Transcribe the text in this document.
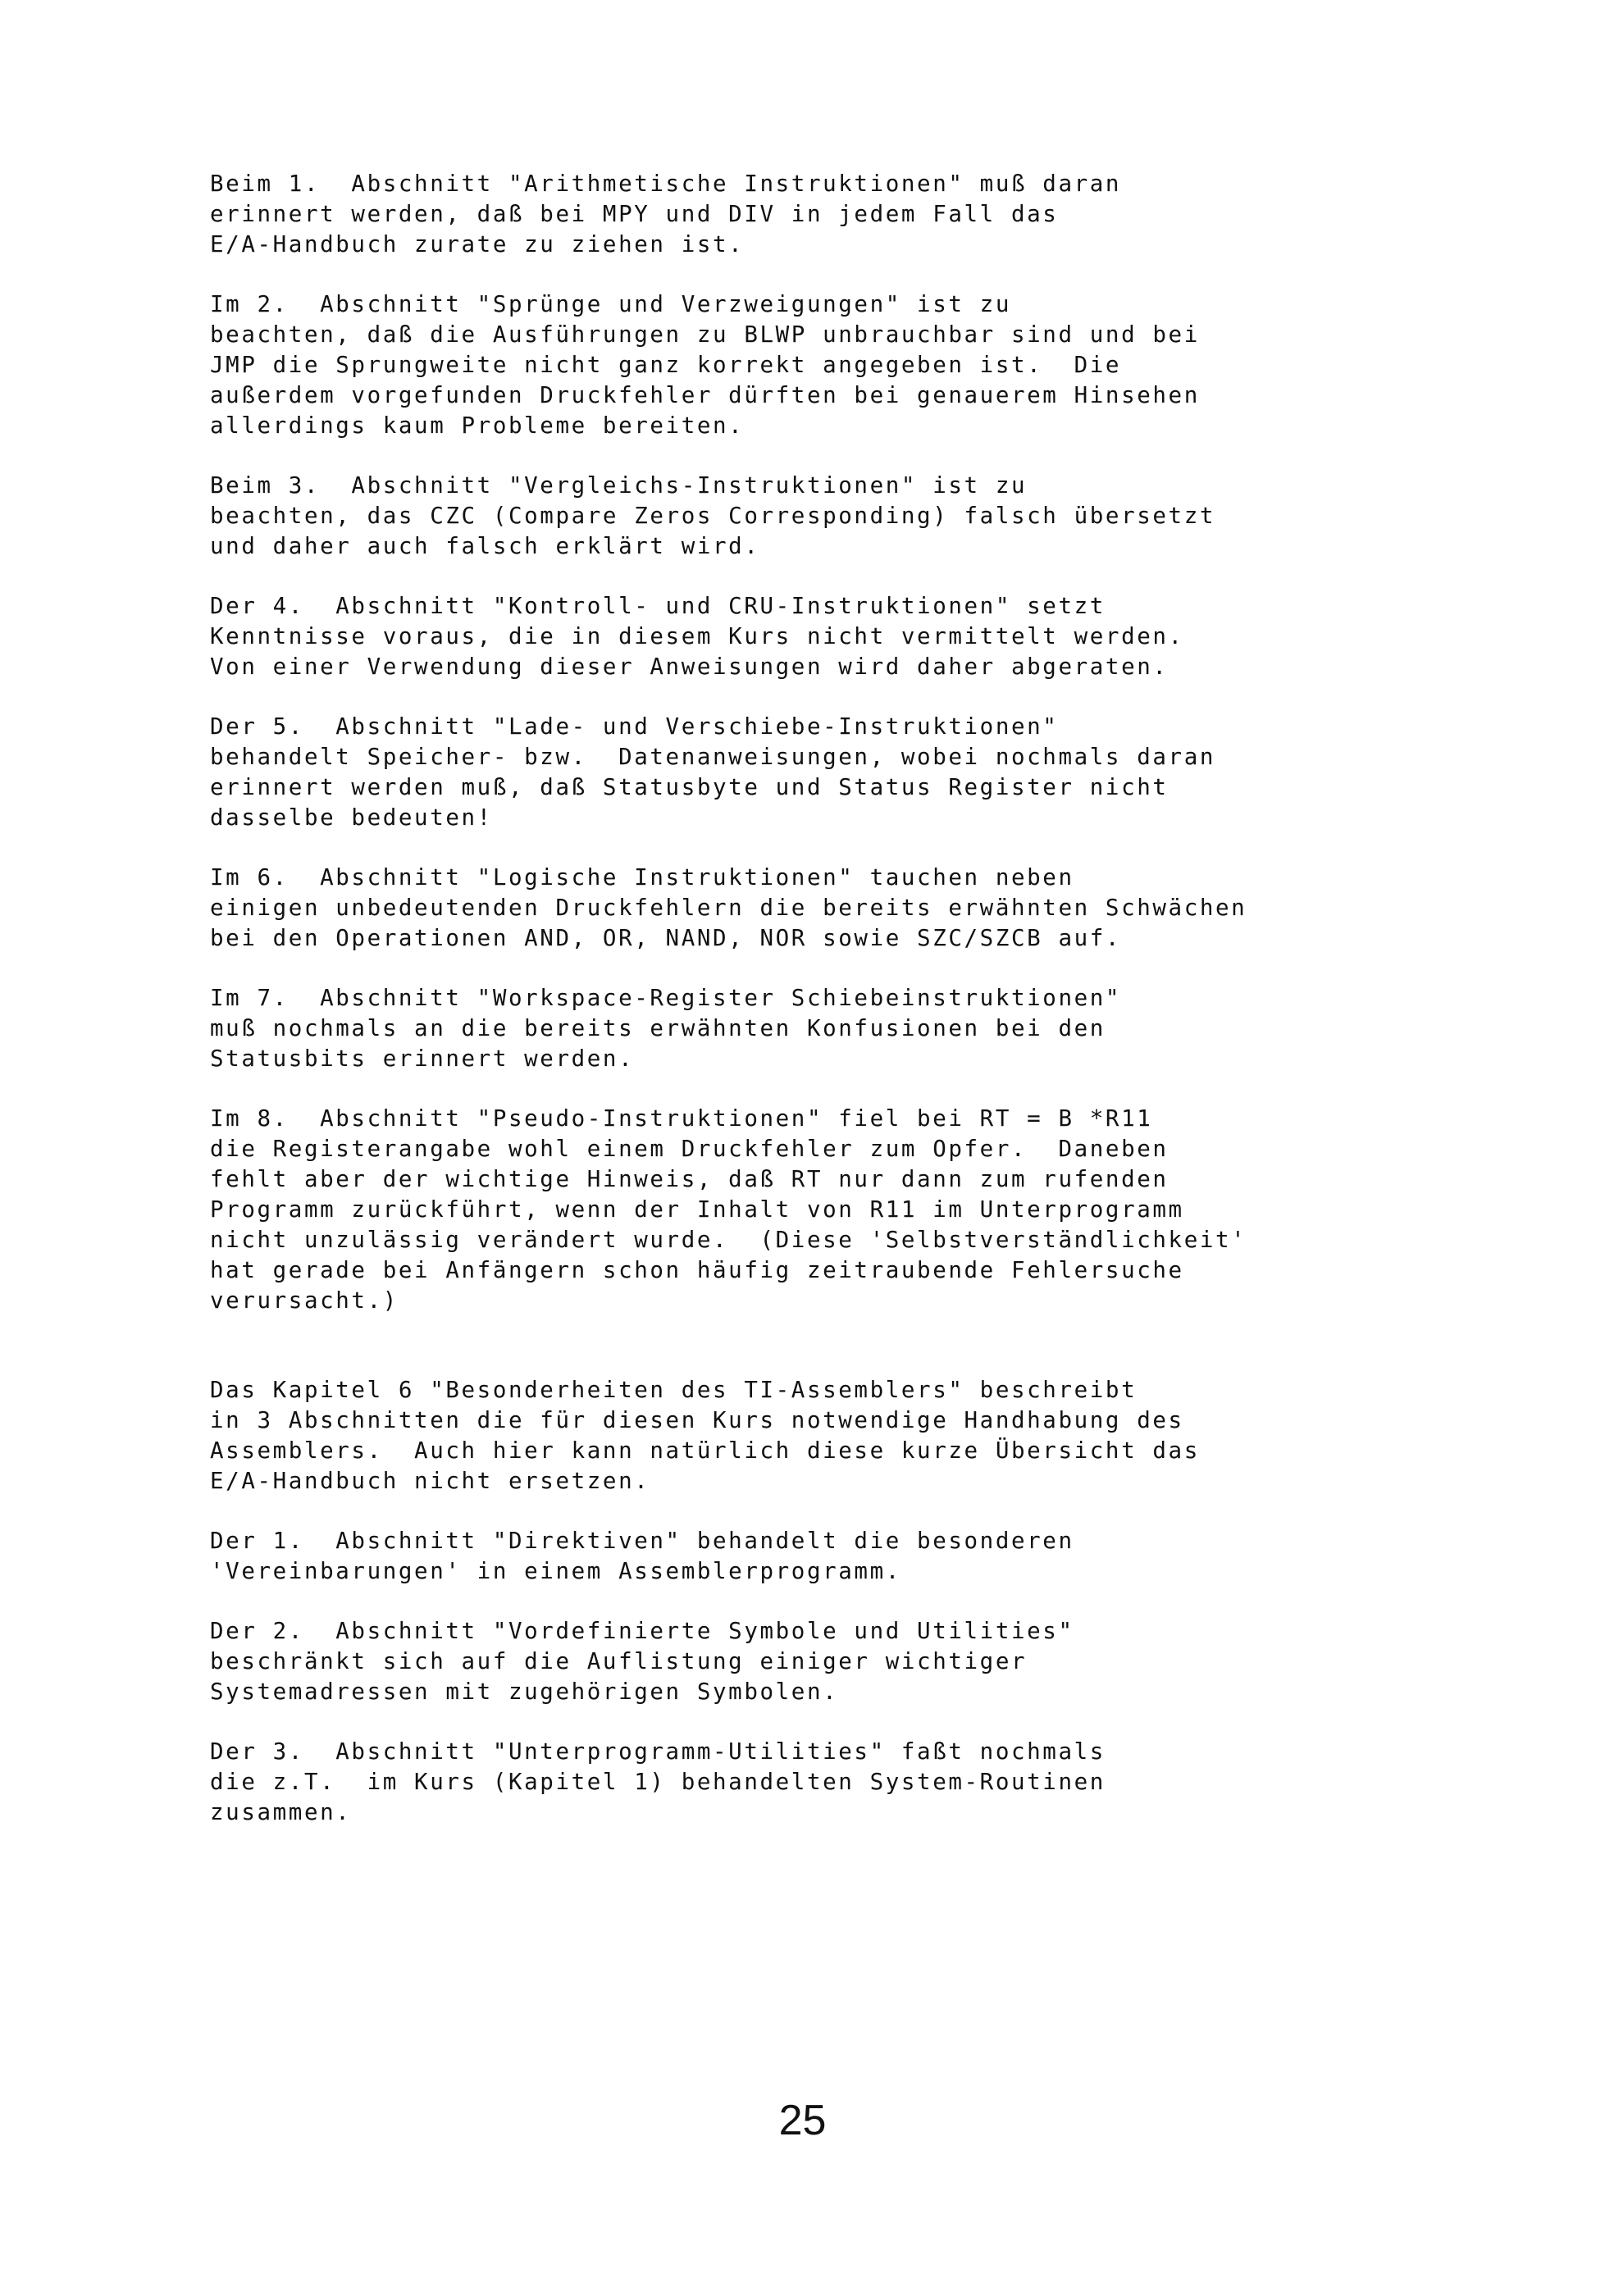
Beim 1.  Abschnitt "Arithmetische Instruktionen" muß daran
erinnert werden, daß bei MPY und DIV in jedem Fall das
E/A-Handbuch zurate zu ziehen ist.
Im 2.  Abschnitt "Sprünge und Verzweigungen" ist zu
beachten, daß die Ausführungen zu BLWP unbrauchbar sind und bei
JMP die Sprungweite nicht ganz korrekt angegeben ist.  Die
außerdem vorgefunden Druckfehler dürften bei genauerem Hinsehen
allerdings kaum Probleme bereiten.
Beim 3.  Abschnitt "Vergleichs-Instruktionen" ist zu
beachten, das CZC (Compare Zeros Corresponding) falsch übersetzt
und daher auch falsch erklärt wird.
Der 4.  Abschnitt "Kontroll- und CRU-Instruktionen" setzt
Kenntnisse voraus, die in diesem Kurs nicht vermittelt werden.
Von einer Verwendung dieser Anweisungen wird daher abgeraten.
Der 5.  Abschnitt "Lade- und Verschiebe-Instruktionen"
behandelt Speicher- bzw.  Datenanweisungen, wobei nochmals daran
erinnert werden muß, daß Statusbyte und Status Register nicht
dasselbe bedeuten!
Im 6.  Abschnitt "Logische Instruktionen" tauchen neben
einigen unbedeutenden Druckfehlern die bereits erwähnten Schwächen
bei den Operationen AND, OR, NAND, NOR sowie SZC/SZCB auf.
Im 7.  Abschnitt "Workspace-Register Schiebeinstruktionen"
muß nochmals an die bereits erwähnten Konfusionen bei den
Statusbits erinnert werden.
Im 8.  Abschnitt "Pseudo-Instruktionen" fiel bei RT = B *R11
die Registerangabe wohl einem Druckfehler zum Opfer.  Daneben
fehlt aber der wichtige Hinweis, daß RT nur dann zum rufenden
Programm zurückführt, wenn der Inhalt von R11 im Unterprogramm
nicht unzulässig verändert wurde.  (Diese 'Selbstverständlichkeit'
hat gerade bei Anfängern schon häufig zeitraubende Fehlersuche
verursacht.)
Das Kapitel 6 "Besonderheiten des TI-Assemblers" beschreibt
in 3 Abschnitten die für diesen Kurs notwendige Handhabung des
Assemblers.  Auch hier kann natürlich diese kurze Übersicht das
E/A-Handbuch nicht ersetzen.
Der 1.  Abschnitt "Direktiven" behandelt die besonderen
'Vereinbarungen' in einem Assemblerprogramm.
Der 2.  Abschnitt "Vordefinierte Symbole und Utilities"
beschränkt sich auf die Auflistung einiger wichtiger
Systemadressen mit zugehörigen Symbolen.
Der 3.  Abschnitt "Unterprogramm-Utilities" faßt nochmals
die z.T.  im Kurs (Kapitel 1) behandelten System-Routinen
zusammen.
25
